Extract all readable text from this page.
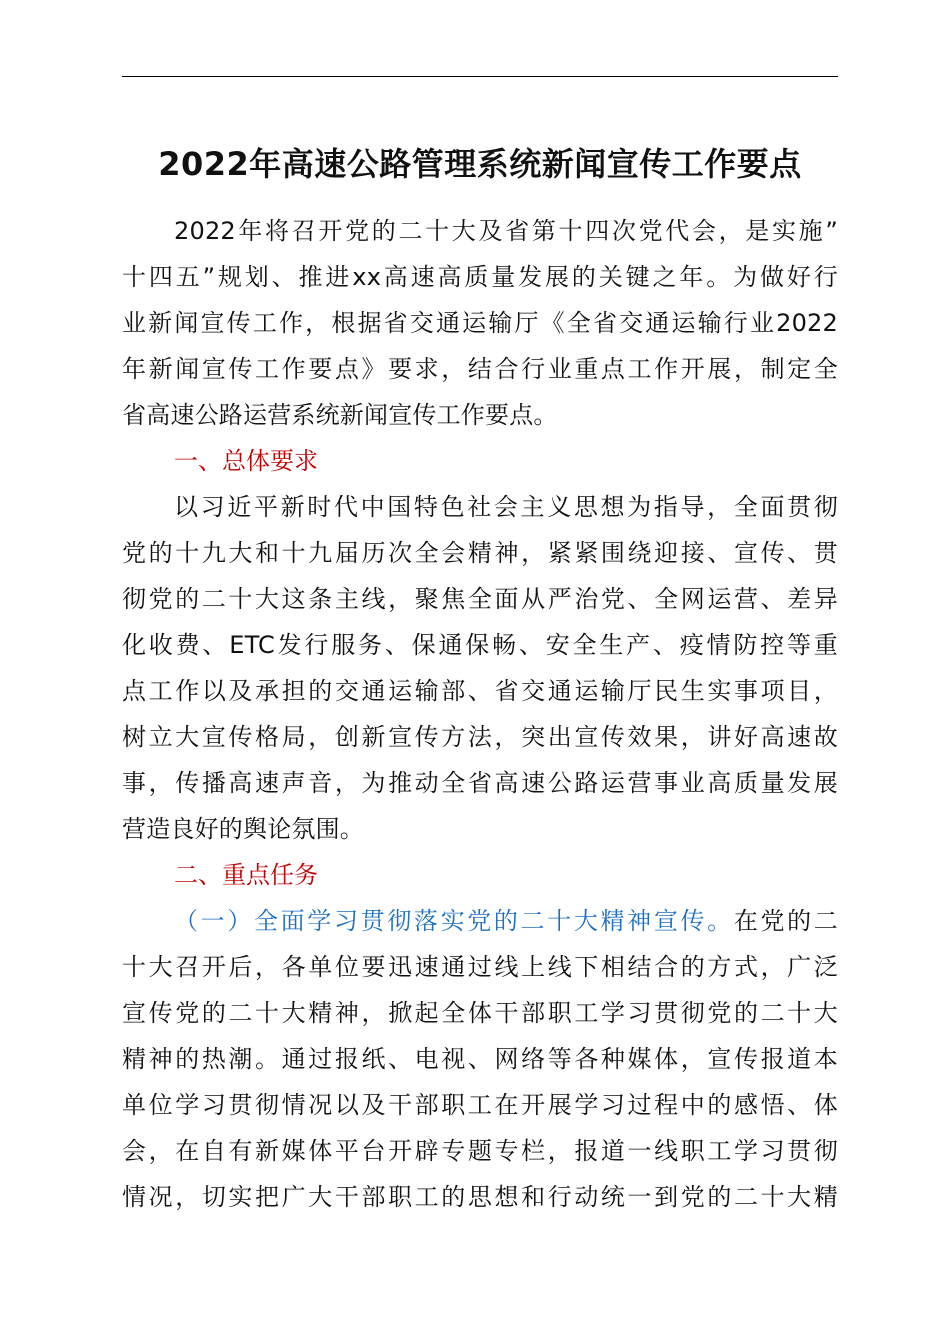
2022年高速公路管理系统新闻宣传工作要点
2022年将召开党的二十大及省第十四次党代会，是实施”
十四五”规划、推进xx高速高质量发展的关键之年。为做好行
业新闻宣传工作，根据省交通运输厅《全省交通运输行业2022
年新闻宣传工作要点》要求，结合行业重点工作开展，制定全
省高速公路运营系统新闻宣传工作要点。
一、总体要求
以习近平新时代中国特色社会主义思想为指导，全面贯彻
党的十九大和十九届历次全会精神，紧紧围绕迎接、宣传、贯
彻党的二十大这条主线，聚焦全面从严治党、全网运营、差异
化收费、ETC发行服务、保通保畅、安全生产、疫情防控等重
点工作以及承担的交通运输部、省交通运输厅民生实事项目，
树立大宣传格局，创新宣传方法，突出宣传效果，讲好高速故
事，传播高速声音，为推动全省高速公路运营事业高质量发展
营造良好的舆论氛围。
二、重点任务
（一）全面学习贯彻落实党的二十大精神宣传。在党的二
十大召开后，各单位要迅速通过线上线下相结合的方式，广泛
宣传党的二十大精神，掀起全体干部职工学习贯彻党的二十大
精神的热潮。通过报纸、电视、网络等各种媒体，宣传报道本
单位学习贯彻情况以及干部职工在开展学习过程中的感悟、体
会，在自有新媒体平台开辟专题专栏，报道一线职工学习贯彻
情况，切实把广大干部职工的思想和行动统一到党的二十大精
